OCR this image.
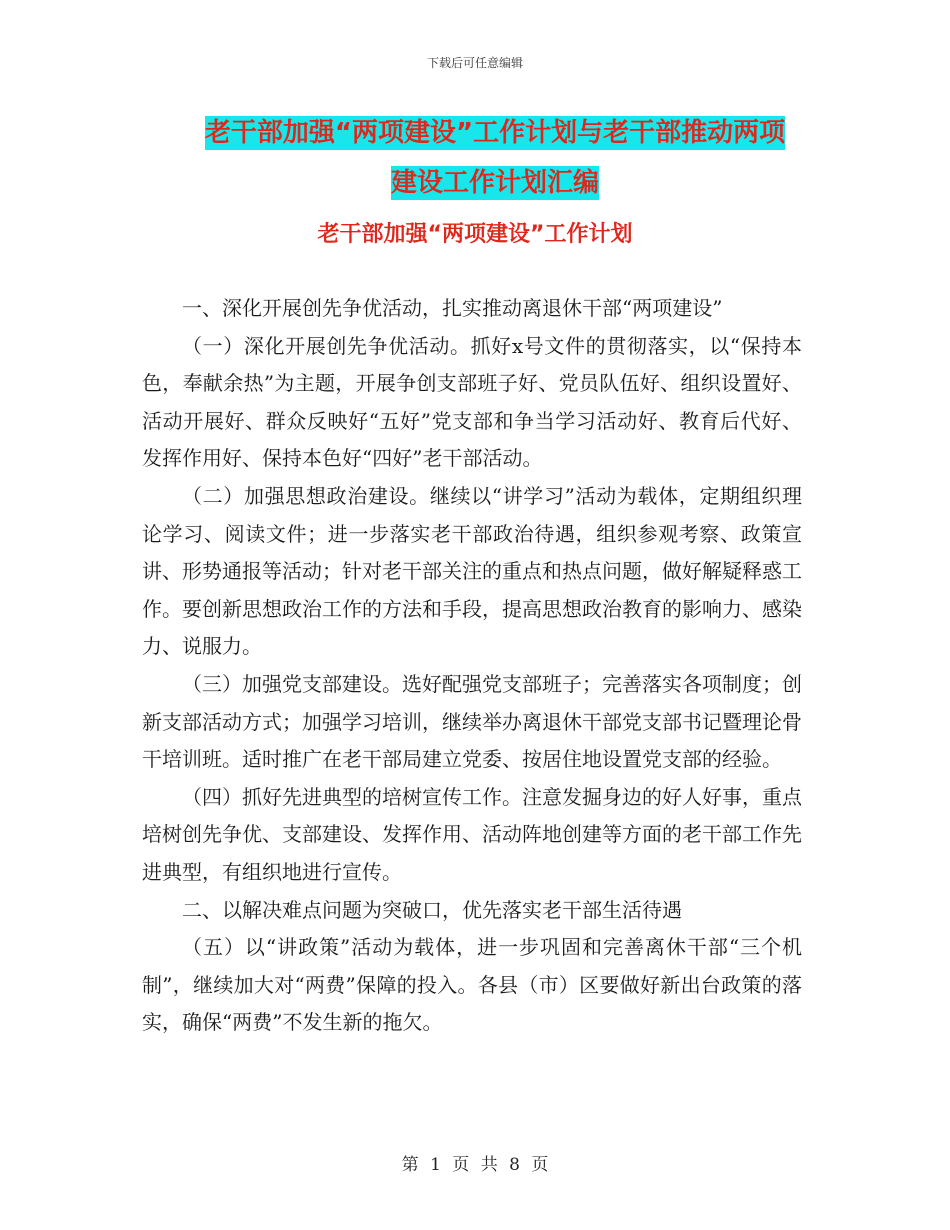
下载后可任意编辑
老干部加强“两项建设”工作计划与老干部推动两项
建设工作计划汇编
老干部加强“两项建设”工作计划

一、深化开展创先争优活动，扎实推动离退休干部“两项建设”

（一）深化开展创先争优活动。抓好x号文件的贯彻落实，以“保持本色，奉献余热”为主题，开展争创支部班子好、党员队伍好、组织设置好、活动开展好、群众反映好“五好”党支部和争当学习活动好、教育后代好、发挥作用好、保持本色好“四好”老干部活动。

（二）加强思想政治建设。继续以“讲学习”活动为载体，定期组织理论学习、阅读文件；进一步落实老干部政治待遇，组织参观考察、政策宣讲、形势通报等活动；针对老干部关注的重点和热点问题，做好解疑释惑工作。要创新思想政治工作的方法和手段，提高思想政治教育的影响力、感染力、说服力。

（三）加强党支部建设。选好配强党支部班子；完善落实各项制度；创新支部活动方式；加强学习培训，继续举办离退休干部党支部书记暨理论骨干培训班。适时推广在老干部局建立党委、按居住地设置党支部的经验。

（四）抓好先进典型的培树宣传工作。注意发掘身边的好人好事，重点培树创先争优、支部建设、发挥作用、活动阵地创建等方面的老干部工作先进典型，有组织地进行宣传。

二、以解决难点问题为突破口，优先落实老干部生活待遇

（五）以“讲政策”活动为载体，进一步巩固和完善离休干部“三个机制”，继续加大对“两费”保障的投入。各县（市）区要做好新出台政策的落实，确保“两费”不发生新的拖欠。

第 1 页 共 8 页
